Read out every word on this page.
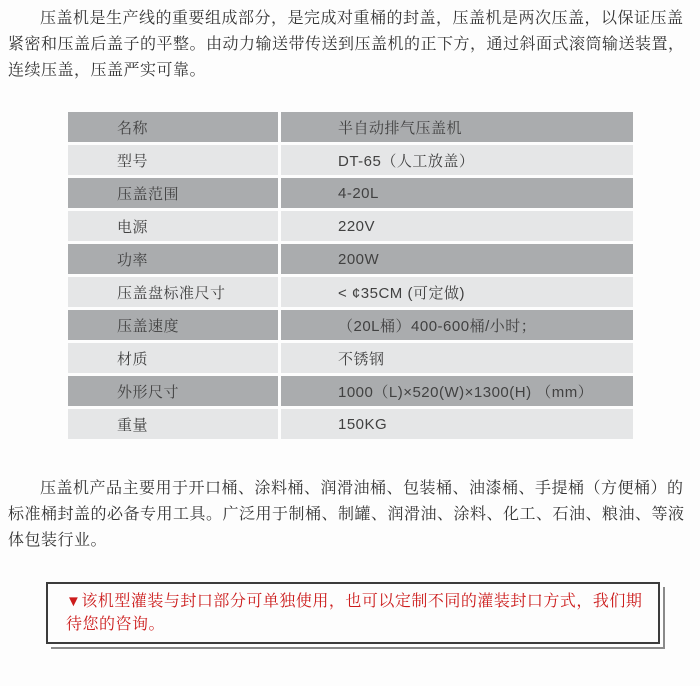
压盖机是生产线的重要组成部分，是完成对重桶的封盖，压盖机是两次压盖，以保证压盖紧密和压盖后盖子的平整。由动力输送带传送到压盖机的正下方，通过斜面式滚筒输送装置，连续压盖，压盖严实可靠。

名称	半自动排气压盖机
型号	DT-65（人工放盖）
压盖范围	4-20L
电源	220V
功率	200W
压盖盘标准尺寸	< ¢35CM (可定做)
压盖速度	（20L桶）400-600桶/小时；
材质	不锈钢
外形尺寸	1000（L)×520(W)×1300(H) （mm）
重量	150KG

压盖机产品主要用于开口桶、涂料桶、润滑油桶、包装桶、油漆桶、手提桶（方便桶）的标准桶封盖的必备专用工具。广泛用于制桶、制罐、润滑油、涂料、化工、石油、粮油、等液体包装行业。

▼该机型灌装与封口部分可单独使用，也可以定制不同的灌装封口方式，我们期待您的咨询。
